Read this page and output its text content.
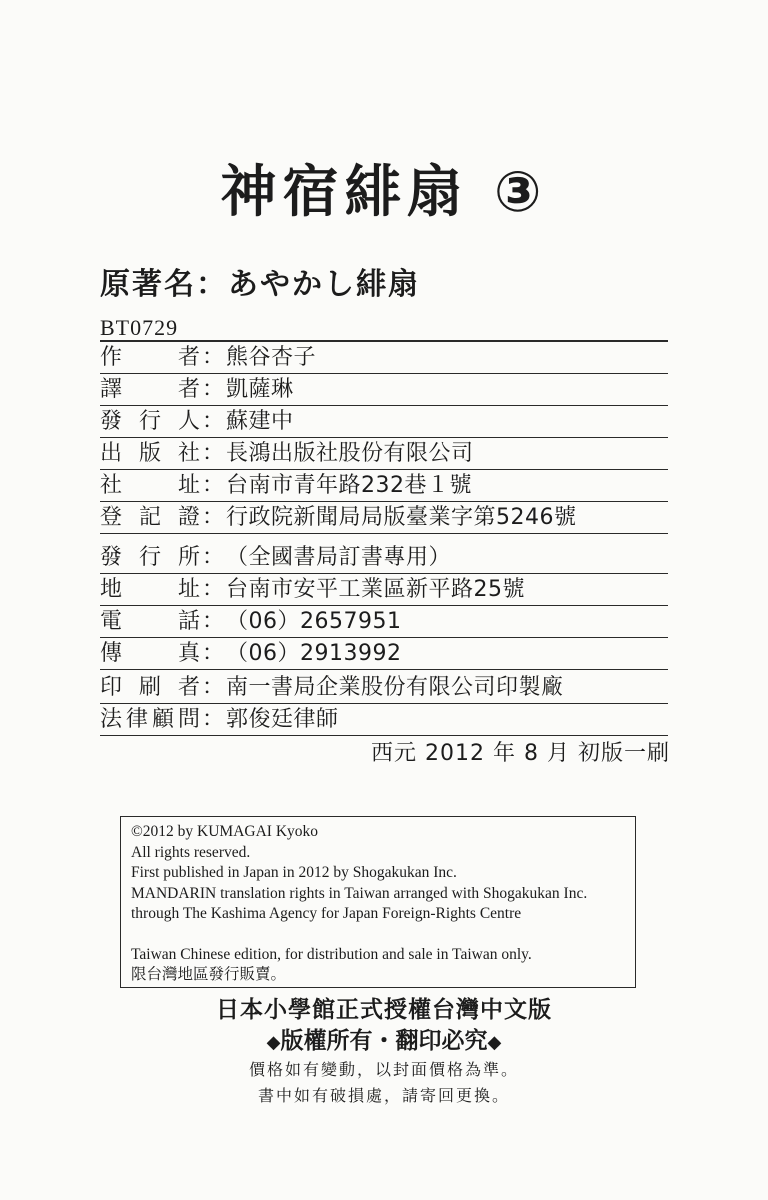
神宿緋扇 ③
原著名：あやかし緋扇
BT0729
作	者 ： 熊谷杏子
譯	者 ： 凱薩琳
發 行 人 ： 蘇建中
出 版 社 ： 長鴻出版社股份有限公司
社	址 ： 台南市青年路232巷１號
登 記 證 ： 行政院新聞局局版臺業字第5246號
發 行 所 ： （全國書局訂書專用）
地	址 ： 台南市安平工業區新平路25號
電	話 ： （06）2657951
傳	真 ： （06）2913992
印 刷 者 ： 南一書局企業股份有限公司印製廠
法 律 顧 問 ： 郭俊廷律師
西元 2012 年 8 月 初版一刷
©2012 by KUMAGAI Kyoko
All rights reserved.
First published in Japan in 2012 by Shogakukan Inc.
MANDARIN translation rights in Taiwan arranged with Shogakukan Inc.
through The Kashima Agency for Japan Foreign-Rights Centre
Taiwan Chinese edition, for distribution and sale in Taiwan only.
限台灣地區發行販賣。
日本小學館正式授權台灣中文版
◆版權所有・翻印必究◆
價格如有變動，以封面價格為準。
書中如有破損處，請寄回更換。
